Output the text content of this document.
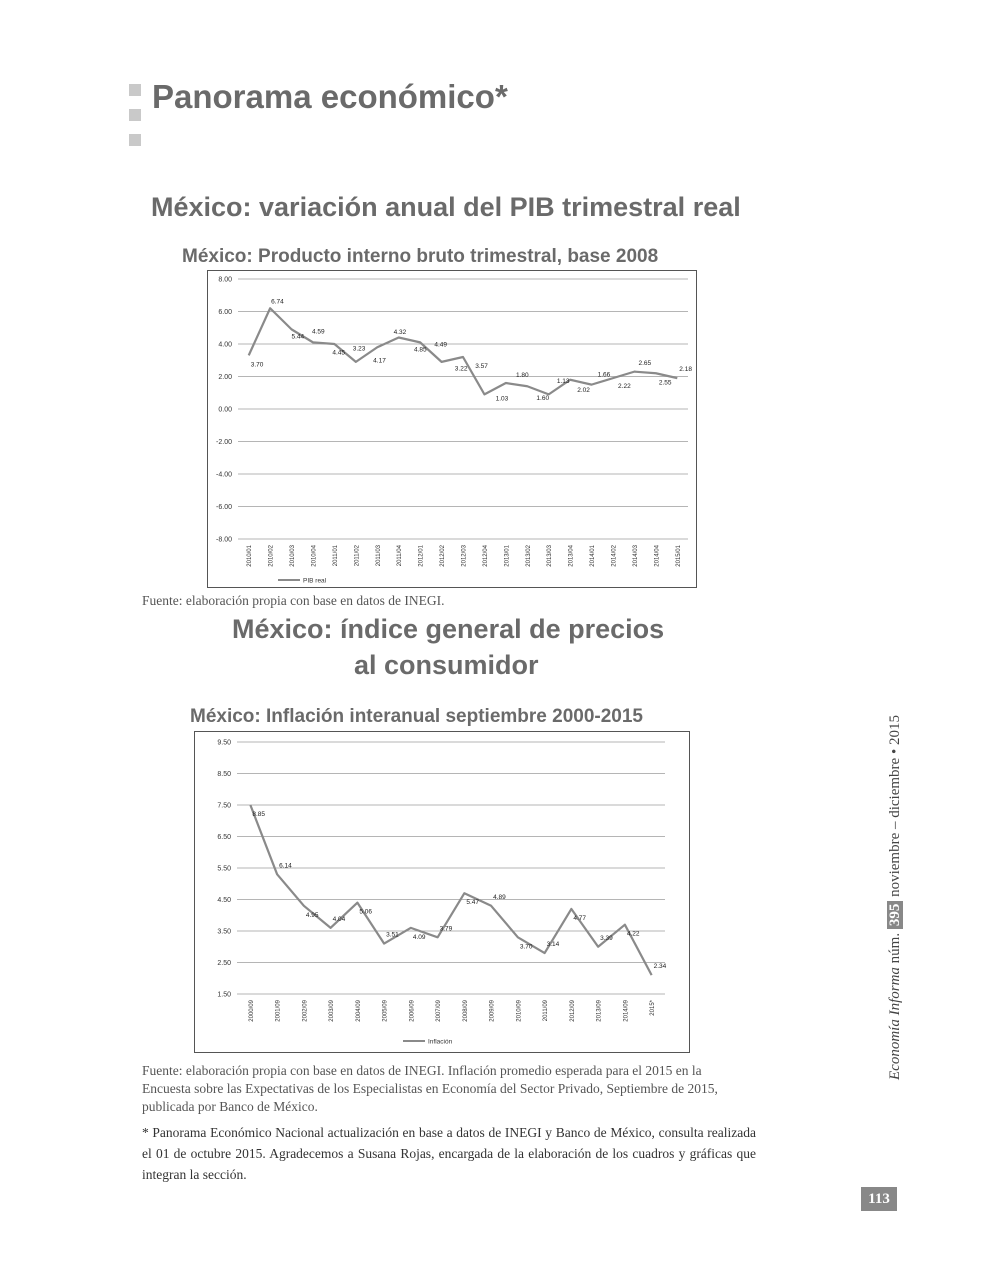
Panorama económico*
México: variación anual del PIB trimestral real
México: Producto interno bruto trimestral, base 2008
8.00
6.00
4.00
2.00
0.00
-2.00
-4.00
-6.00
-8.00
2010/01	2010/02	2010/03	2010/04	2011/01	2011/02	2011/03	2011/04	2012/01	2012/02	2012/03	2012/04	2013/01	2013/02	2013/03	2013/04	2014/01	2014/02	2014/03	2014/04	2015/01
3.70
6.74
5.44
4.59
4.45
3.23
4.17
4.32
4.85
4.49
3.22 3.57
1.03
1.80
1.60
1.13
2.02
1.66
2.22
2.65
2.55
2.18
PIB real
Fuente: elaboración propia con base en datos de INEGI.
México: índice general de precios
al consumidor
México: Inflación interanual septiembre 2000-2015
9.50
8.50
7.50
6.50
5.50
4.50
3.50
2.50
1.50
2000/09	2001/09	2002/09	2003/09	2004/09	2005/09	2006/09	2007/09	2008/09	2009/09	2010/09	2011/09	2012/09	2013/09	2014/09	2015*
8.85
6.14
4.95
4.04
5.06
3.51 4.09
3.79
5.47
4.89
3.70 3.14
4.77
3.39
4.22
2.34
Inflación
Fuente: elaboración propia con base en datos de INEGI. Inflación promedio esperada para el 2015 en la Encuesta sobre las Expectativas de los Especialistas en Economía del Sector Privado, Septiembre de 2015, publicada por Banco de México.
* Panorama Económico Nacional actualización en base a datos de INEGI y Banco de México, consulta realizada el 01 de octubre 2015. Agradecemos a Susana Rojas, encargada de la elaboración de los cuadros y gráficas que integran la sección.
Economía Informa núm. 395 noviembre – diciembre • 2015
113
